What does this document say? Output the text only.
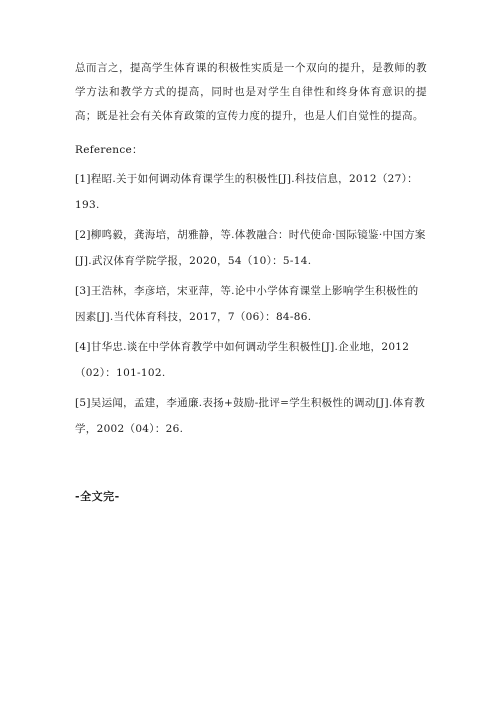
总而言之，提高学生体育课的积极性实质是一个双向的提升，是教师的教学方法和教学方式的提高，同时也是对学生自律性和终身体育意识的提高；既是社会有关体育政策的宣传力度的提升，也是人们自觉性的提高。

Reference：

[1]程昭.关于如何调动体育课学生的积极性[J].科技信息，2012（27）：193.

[2]柳鸣毅，龚海培，胡雅静，等.体教融合：时代使命·国际镜鉴·中国方案[J].武汉体育学院学报，2020，54（10）：5-14.

[3]王浩林，李彦培，宋亚萍，等.论中小学体育课堂上影响学生积极性的因素[J].当代体育科技，2017，7（06）：84-86.

[4]甘华忠.谈在中学体育教学中如何调动学生积极性[J].企业地，2012（02）：101-102.

[5]吴运闻，孟建，李通廉.表扬+鼓励-批评=学生积极性的调动[J].体育教学，2002（04）：26.

-全文完-
